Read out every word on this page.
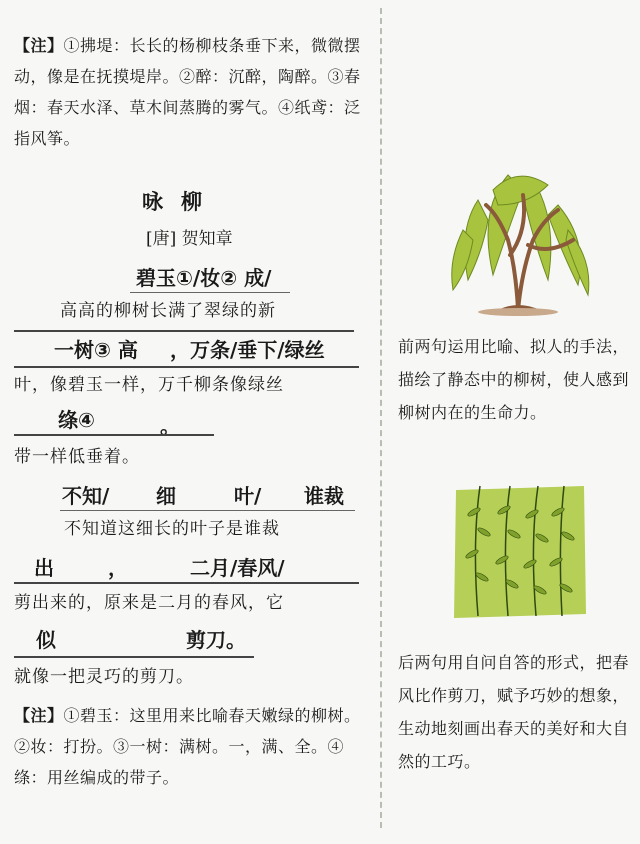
【注】①拂堤：长长的杨柳枝条垂下来，微微摆动，像是在抚摸堤岸。②醉：沉醉，陶醉。③春烟：春天水泽、草木间蒸腾的雾气。④纸鸢：泛指风筝。
咏柳
[唐] 贺知章
碧玉①/妆② 成/
高高的柳树长满了翠绿的新
一树③ 高 ，万条/垂下/绿丝
叶，像碧玉一样，万千柳条像绿丝
绦④	。
带一样低垂着。
不知/ 细	叶/ 谁裁
不知道这细长的叶子是谁裁
出	，	二月/春风/
剪出来的，原来是二月的春风，它
似	剪刀。
就像一把灵巧的剪刀。
【注】①碧玉：这里用来比喻春天嫩绿的柳树。②妆：打扮。③一树：满树。一，满、全。④绦：用丝编成的带子。
前两句运用比喻、拟人的手法，描绘了静态中的柳树，使人感到柳树内在的生命力。
后两句用自问自答的形式，把春风比作剪刀，赋予巧妙的想象，生动地刻画出春天的美好和大自然的工巧。
